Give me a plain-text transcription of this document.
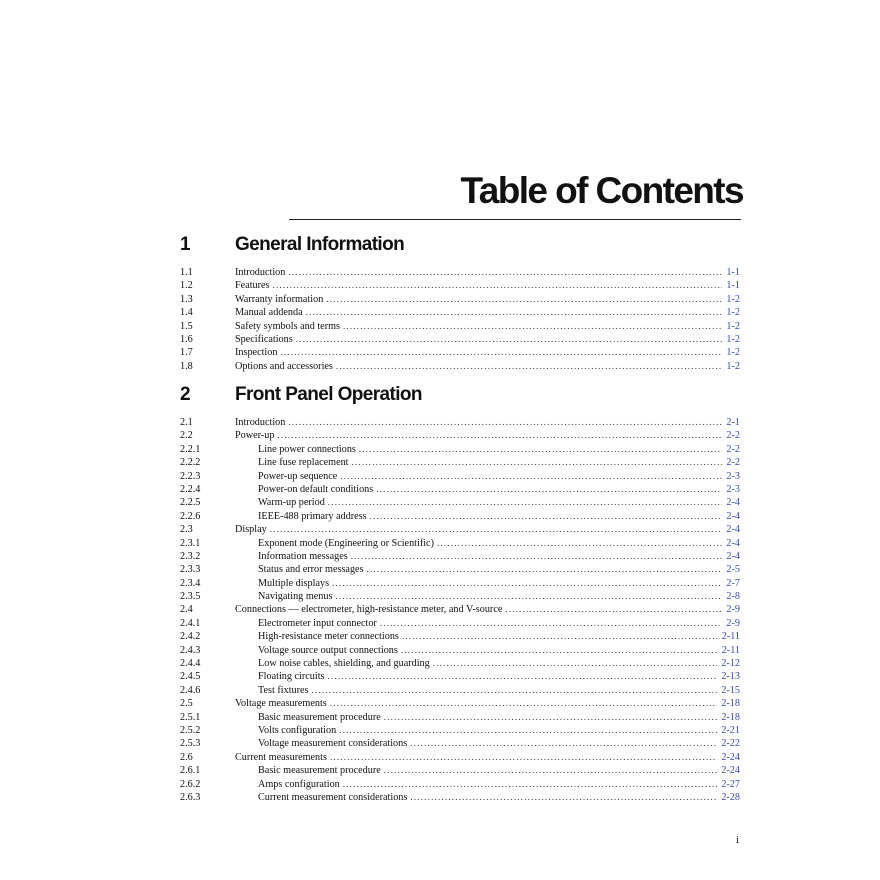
Table of Contents
1 General Information
1.1	Introduction .....	1-1
1.2	Features .....	1-1
1.3	Warranty information .....	1-2
1.4	Manual addenda .....	1-2
1.5	Safety symbols and terms .....	1-2
1.6	Specifications .....	1-2
1.7	Inspection .....	1-2
1.8	Options and accessories .....	1-2
2 Front Panel Operation
2.1	Introduction .....	2-1
2.2	Power-up .....	2-2
2.2.1	Line power connections .....	2-2
2.2.2	Line fuse replacement .....	2-2
2.2.3	Power-up sequence .....	2-3
2.2.4	Power-on default conditions .....	2-3
2.2.5	Warm-up period .....	2-4
2.2.6	IEEE-488 primary address .....	2-4
2.3	Display .....	2-4
2.3.1	Exponent mode (Engineering or Scientific) .....	2-4
2.3.2	Information messages .....	2-4
2.3.3	Status and error messages .....	2-5
2.3.4	Multiple displays .....	2-7
2.3.5	Navigating menus .....	2-8
2.4	Connections — electrometer, high-resistance meter, and V-source .....	2-9
2.4.1	Electrometer input connector .....	2-9
2.4.2	High-resistance meter connections .....	2-11
2.4.3	Voltage source output connections .....	2-11
2.4.4	Low noise cables, shielding, and guarding .....	2-12
2.4.5	Floating circuits .....	2-13
2.4.6	Test fixtures .....	2-15
2.5	Voltage measurements .....	2-18
2.5.1	Basic measurement procedure .....	2-18
2.5.2	Volts configuration .....	2-21
2.5.3	Voltage measurement considerations .....	2-22
2.6	Current measurements .....	2-24
2.6.1	Basic measurement procedure .....	2-24
2.6.2	Amps configuration .....	2-27
2.6.3	Current measurement considerations .....	2-28
i
